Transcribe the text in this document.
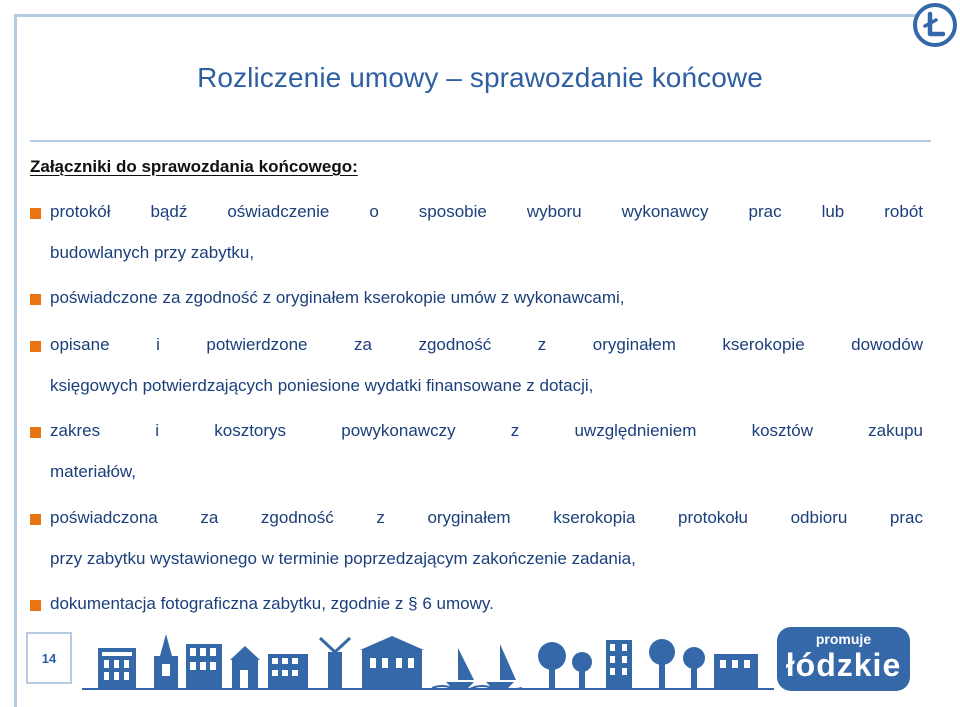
Ł
Rozliczenie umowy – sprawozdanie końcowe
Załączniki do sprawozdania końcowego:
protokół bądź oświadczenie o sposobie wyboru wykonawcy prac lub robót
budowlanych przy zabytku,
poświadczone za zgodność z oryginałem kserokopie umów z wykonawcami,
opisane i potwierdzone za zgodność z oryginałem kserokopie dowodów
księgowych potwierdzających poniesione wydatki finansowane z dotacji,
zakres i kosztorys powykonawczy z uwzględnieniem kosztów zakupu
materiałów,
poświadczona za zgodność z oryginałem kserokopia protokołu odbioru prac
przy zabytku wystawionego w terminie poprzedzającym zakończenie zadania,
dokumentacja fotograficzna zabytku, zgodnie z § 6 umowy.
14
promuje
łódzkie
